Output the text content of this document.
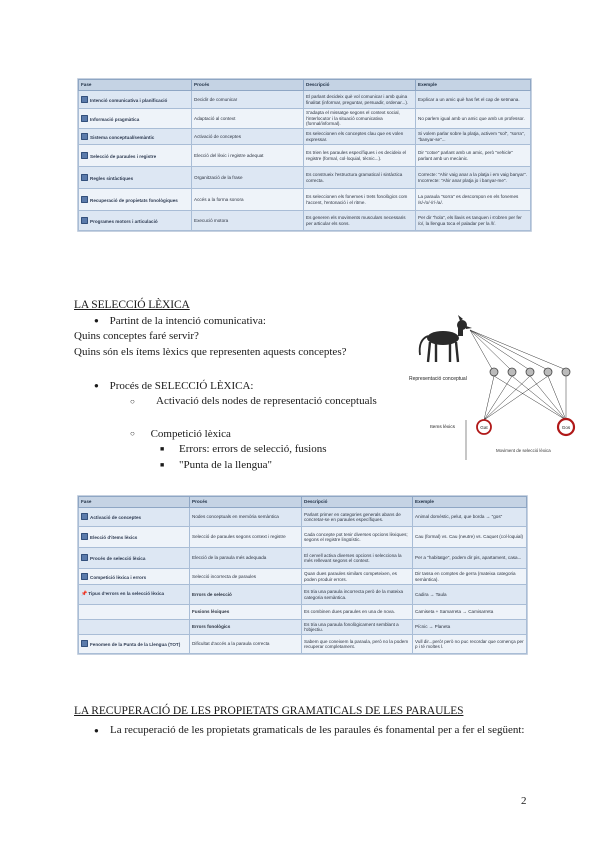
Fase	Procés	Descripció	Exemple
Intenció comunicativa i planificació	Decidir de comunicar	El parlant decideix què vol comunicar i amb quina finalitat (informar, preguntar, persuadir, ordenar...).	Explicar a un amic què has fet el cap de setmana.
Informació pragmàtica	Adaptació al context	S'adapta el missatge segons el context social, l'interlocutor i la situació comunicativa (formal/informal).	No parlem igual amb un amic que amb un professor.
Sistema conceptual/semàntic	Activació de conceptes	Es seleccionen els conceptes clau que es volen expressar.	Si volem parlar sobre la platja, activem "sol", "sorra", "banyar-se"...
Selecció de paraules i registre	Elecció del lèxic i registre adequat	Es trien les paraules específiques i es decideix el registre (formal, col·loquial, tècnic...).	Dir "cotxe" parlant amb un amic, però "vehicle" parlant amb un mecànic.
Regles sintàctiques	Organització de la frase	Es construeix l'estructura gramatical i sintàctica correcta.	Correcte: "Ahir vaig anar a la platja i em vaig banyar". Incorrecte: "Ahir anar platja jo i banyar-me".
Recuperació de propietats fonològiques	Accés a la forma sonora	Es seleccionen els fonemes i trets fonològics com l'accent, l'entonació i el ritme.	La paraula "sorra" es descompon en els fonemes /s/-/o/-/r/-/a/.
Programes motors i articulació	Execució motora	Es generen els moviments musculars necessaris per articular els sons.	Per dir "hola", els llavis es tanquen i s'obren per fer /o/, la llengua toca el paladar per la /l/.
LA SELECCIÓ LÈXICA
● Partint de la intenció comunicativa:
Quins conceptes faré servir?
Quins són els ítems lèxics que representen aquests conceptes?
● Procés de SELECCIÓ LÈXICA:
○ Activació dels nodes de representació conceptuals
○ Competició lèxica
■ Errors: errors de selecció, fusions
■ "Punta de la llengua"
Representació conceptual
Items lèxics	Gat	Gos
Moviment de selecció lèxica
Fase	Procés	Descripció	Exemple
Activació de conceptes	Nodes conceptuals en memòria semàntica	Parlant primer en categories generals abans de concretar-se en paraules específiques.	Animal domèstic, pelut, que borda → "gos"
Elecció d'items lèxics	Selecció de paraules segons context i registre	Cada concepte pot tenir diverses opcions lèxiques; segons el registre lingüístic.	Cau (formal) vs. Cau (neutre) vs. Caquet (col·loquial)
Procés de selecció lèxica	Elecció de la paraula més adequada	El cervell activa diverses opcions i selecciona la més rellevant segons el context.	Per a "habitatge", podem dir pis, apartament, casa...
Competició lèxica i errors	Selecció incorrecta de paraules	Quan dues paraules similars competeixen, es poden produir errors.	Dir tassa en comptes de gerra (mateixa categoria semàntica).
📌Tipus d'errors en la selecció lèxica	Errors de selecció	Es tria una paraula incorrecta però de la mateixa categoria semàntica.	Cadira → Taula
	Fusions lèxiques	Es combinen dues paraules en una de nova.	Camiseta + Samarreta → Camisarreta
	Errors fonològics	Es tria una paraula fonològicament semblant a l'objectiu.	Pícnic → Planeta
Fenomen de la Punta de la Llengua (TOT)	Dificultat d'accés a la paraula correcta	Sabem que coneixem la paraula, però no la podem recuperar completament.	Vull dir...però! però no puc recordar que comença per p i té moltes l.
LA RECUPERACIÓ DE LES PROPIETATS GRAMATICALS DE LES PARAULES
● La recuperació de les propietats gramaticals de les paraules és fonamental per a fer el següent:
2
